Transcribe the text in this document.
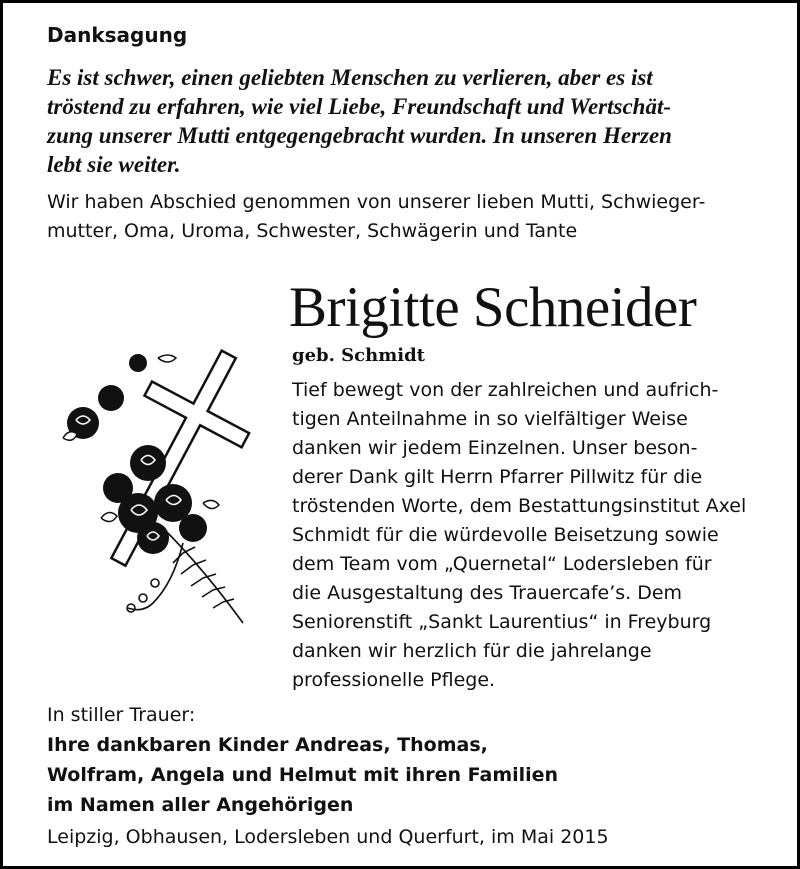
Danksagung
Es ist schwer, einen geliebten Menschen zu verlieren, aber es ist
tröstend zu erfahren, wie viel Liebe, Freundschaft und Wertschät-
zung unserer Mutti entgegengebracht wurden. In unseren Herzen
lebt sie weiter.
Wir haben Abschied genommen von unserer lieben Mutti, Schwieger-
mutter, Oma, Uroma, Schwester, Schwägerin und Tante
Brigitte Schneider
geb. Schmidt
Tief bewegt von der zahlreichen und aufrich-
tigen Anteilnahme in so vielfältiger Weise
danken wir jedem Einzelnen. Unser beson-
derer Dank gilt Herrn Pfarrer Pillwitz für die
tröstenden Worte, dem Bestattungsinstitut Axel
Schmidt für die würdevolle Beisetzung sowie
dem Team vom „Quernetal“ Lodersleben für
die Ausgestaltung des Trauercafe’s. Dem
Seniorenstift „Sankt Laurentius“ in Freyburg
danken wir herzlich für die jahrelange
professionelle Pflege.
In stiller Trauer:
Ihre dankbaren Kinder Andreas, Thomas,
Wolfram, Angela und Helmut mit ihren Familien
im Namen aller Angehörigen
Leipzig, Obhausen, Lodersleben und Querfurt, im Mai 2015
